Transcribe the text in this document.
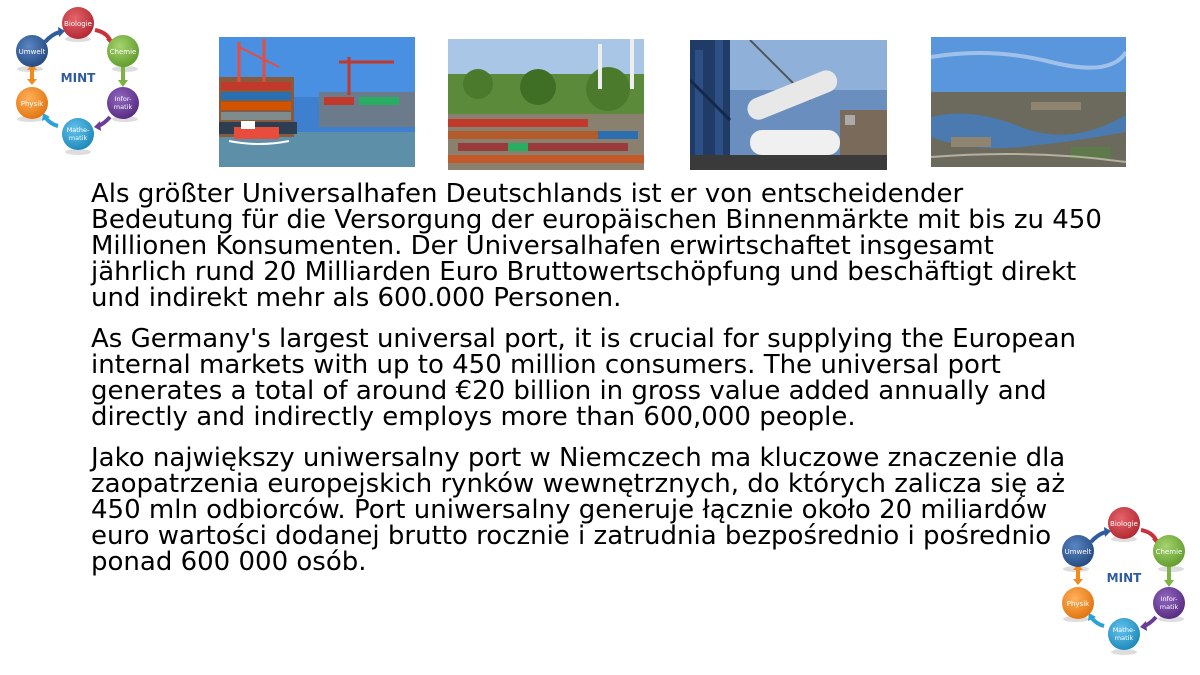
Biologie
Chemie
Infor-
matik
Mathe-
matik
Physik
Umwelt
MINT

Als größter Universalhafen Deutschlands ist er von entscheidender
Bedeutung für die Versorgung der europäischen Binnenmärkte mit bis zu 450
Millionen Konsumenten. Der Universalhafen erwirtschaftet insgesamt
jährlich rund 20 Milliarden Euro Bruttowertschöpfung und beschäftigt direkt
und indirekt mehr als 600.000 Personen.

As Germany's largest universal port, it is crucial for supplying the European
internal markets with up to 450 million consumers. The universal port
generates a total of around €20 billion in gross value added annually and
directly and indirectly employs more than 600,000 people.

Jako największy uniwersalny port w Niemczech ma kluczowe znaczenie dla
zaopatrzenia europejskich rynków wewnętrznych, do których zalicza się aż
450 mln odbiorców. Port uniwersalny generuje łącznie około 20 miliardów
euro wartości dodanej brutto rocznie i zatrudnia bezpośrednio i pośrednio
ponad 600 000 osób.

Biologie
Chemie
Infor-
matik
Mathe-
matik
Physik
Umwelt
MINT
